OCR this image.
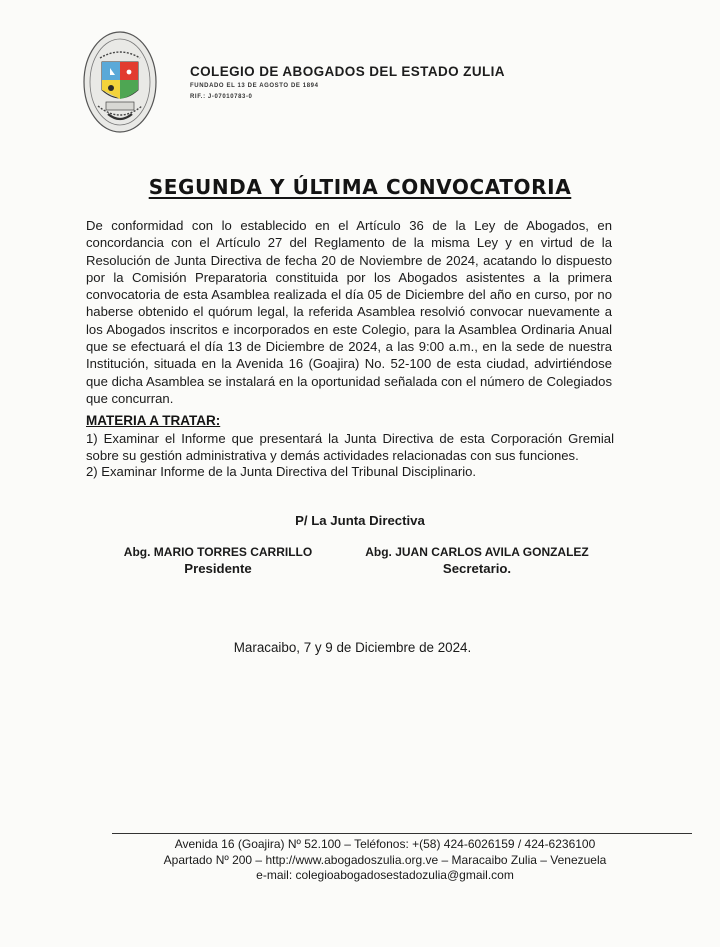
COLEGIO DE ABOGADOS DEL ESTADO ZULIA
FUNDADO EL 13 DE AGOSTO DE 1894
RIF.: J-07010783-0
SEGUNDA Y ÚLTIMA CONVOCATORIA
De conformidad con lo establecido en el Artículo 36 de la Ley de Abogados, en concordancia con el Artículo 27 del Reglamento de la misma Ley y en virtud de la Resolución de Junta Directiva de fecha 20 de Noviembre de 2024, acatando lo dispuesto por la Comisión Preparatoria constituida por los Abogados asistentes a la primera convocatoria de esta Asamblea realizada el día 05 de Diciembre del año en curso, por no haberse obtenido el quórum legal, la referida Asamblea resolvió convocar nuevamente a los Abogados inscritos e incorporados en este Colegio, para la Asamblea Ordinaria Anual que se efectuará el día 13 de Diciembre de 2024, a las 9:00 a.m., en la sede de nuestra Institución, situada en la Avenida 16 (Goajira) No. 52-100 de esta ciudad, advirtiéndose que dicha Asamblea se instalará en la oportunidad señalada con el número de Colegiados que concurran.
MATERIA A TRATAR:
1) Examinar el Informe que presentará la Junta Directiva de esta Corporación Gremial sobre su gestión administrativa y demás actividades relacionadas con sus funciones.
2) Examinar Informe de la Junta Directiva del Tribunal Disciplinario.
P/ La Junta Directiva
Abg. MARIO TORRES CARRILLO
Presidente
Abg. JUAN CARLOS AVILA GONZALEZ
Secretario.
Maracaibo, 7 y 9 de Diciembre de 2024.
Avenida 16 (Goajira) Nº 52.100 – Teléfonos: +(58) 424-6026159 / 424-6236100
Apartado Nº 200 – http://www.abogadoszulia.org.ve – Maracaibo Zulia – Venezuela
e-mail: colegioabogadosestadozulia@gmail.com
